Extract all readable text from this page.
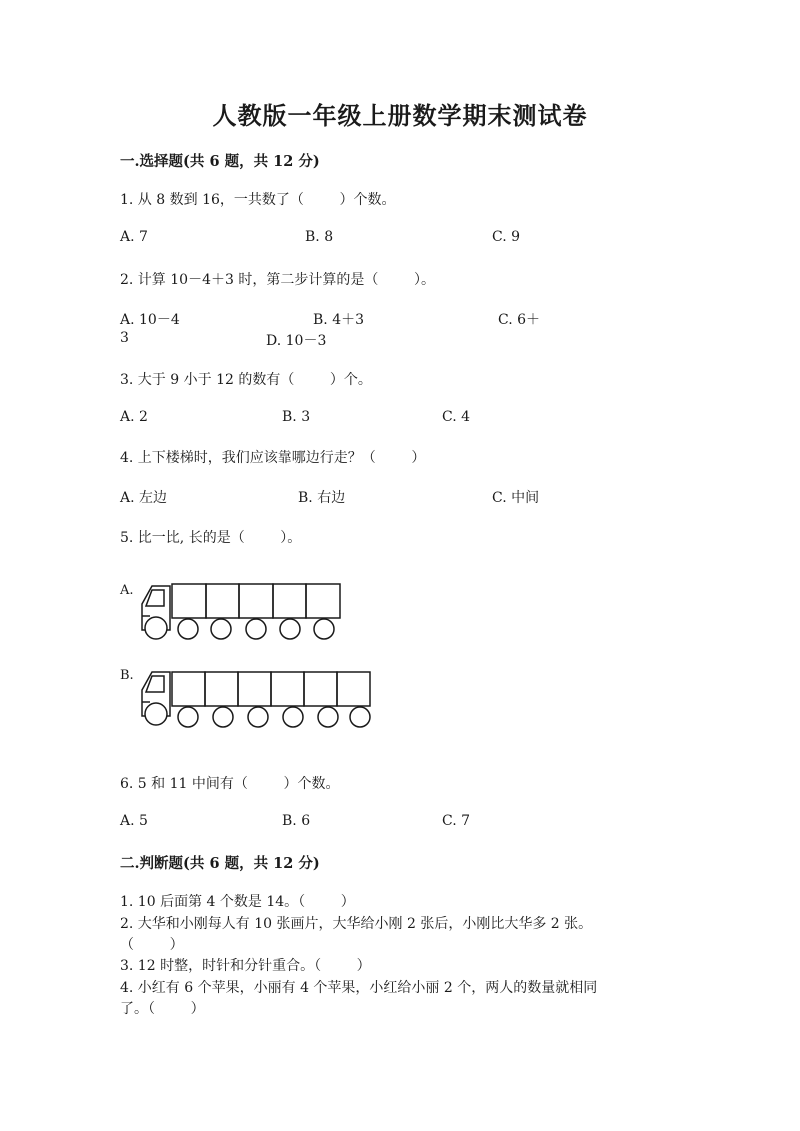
人教版一年级上册数学期末测试卷
一.选择题(共 6 题，共 12 分)
1. 从 8 数到 16，一共数了（        ）个数。
A. 7	B. 8	C. 9
2. 计算 10－4＋3 时，第二步计算的是（        ）。
A. 10－4	B. 4＋3	C. 6＋
3	D. 10－3
3. 大于 9 小于 12 的数有（        ）个。
A. 2	B. 3	C. 4
4. 上下楼梯时，我们应该靠哪边行走？（        ）
A. 左边	B. 右边	C. 中间
5. 比一比, 长的是（        ）。
A.
B.
6. 5 和 11 中间有（        ）个数。
A. 5	B. 6	C. 7
二.判断题(共 6 题，共 12 分)
1. 10 后面第 4 个数是 14。（        ）
2. 大华和小刚每人有 10 张画片，大华给小刚 2 张后，小刚比大华多 2 张。
（        ）
3. 12 时整，时针和分针重合。（        ）
4. 小红有 6 个苹果，小丽有 4 个苹果，小红给小丽 2 个，两人的数量就相同
了。（        ）
